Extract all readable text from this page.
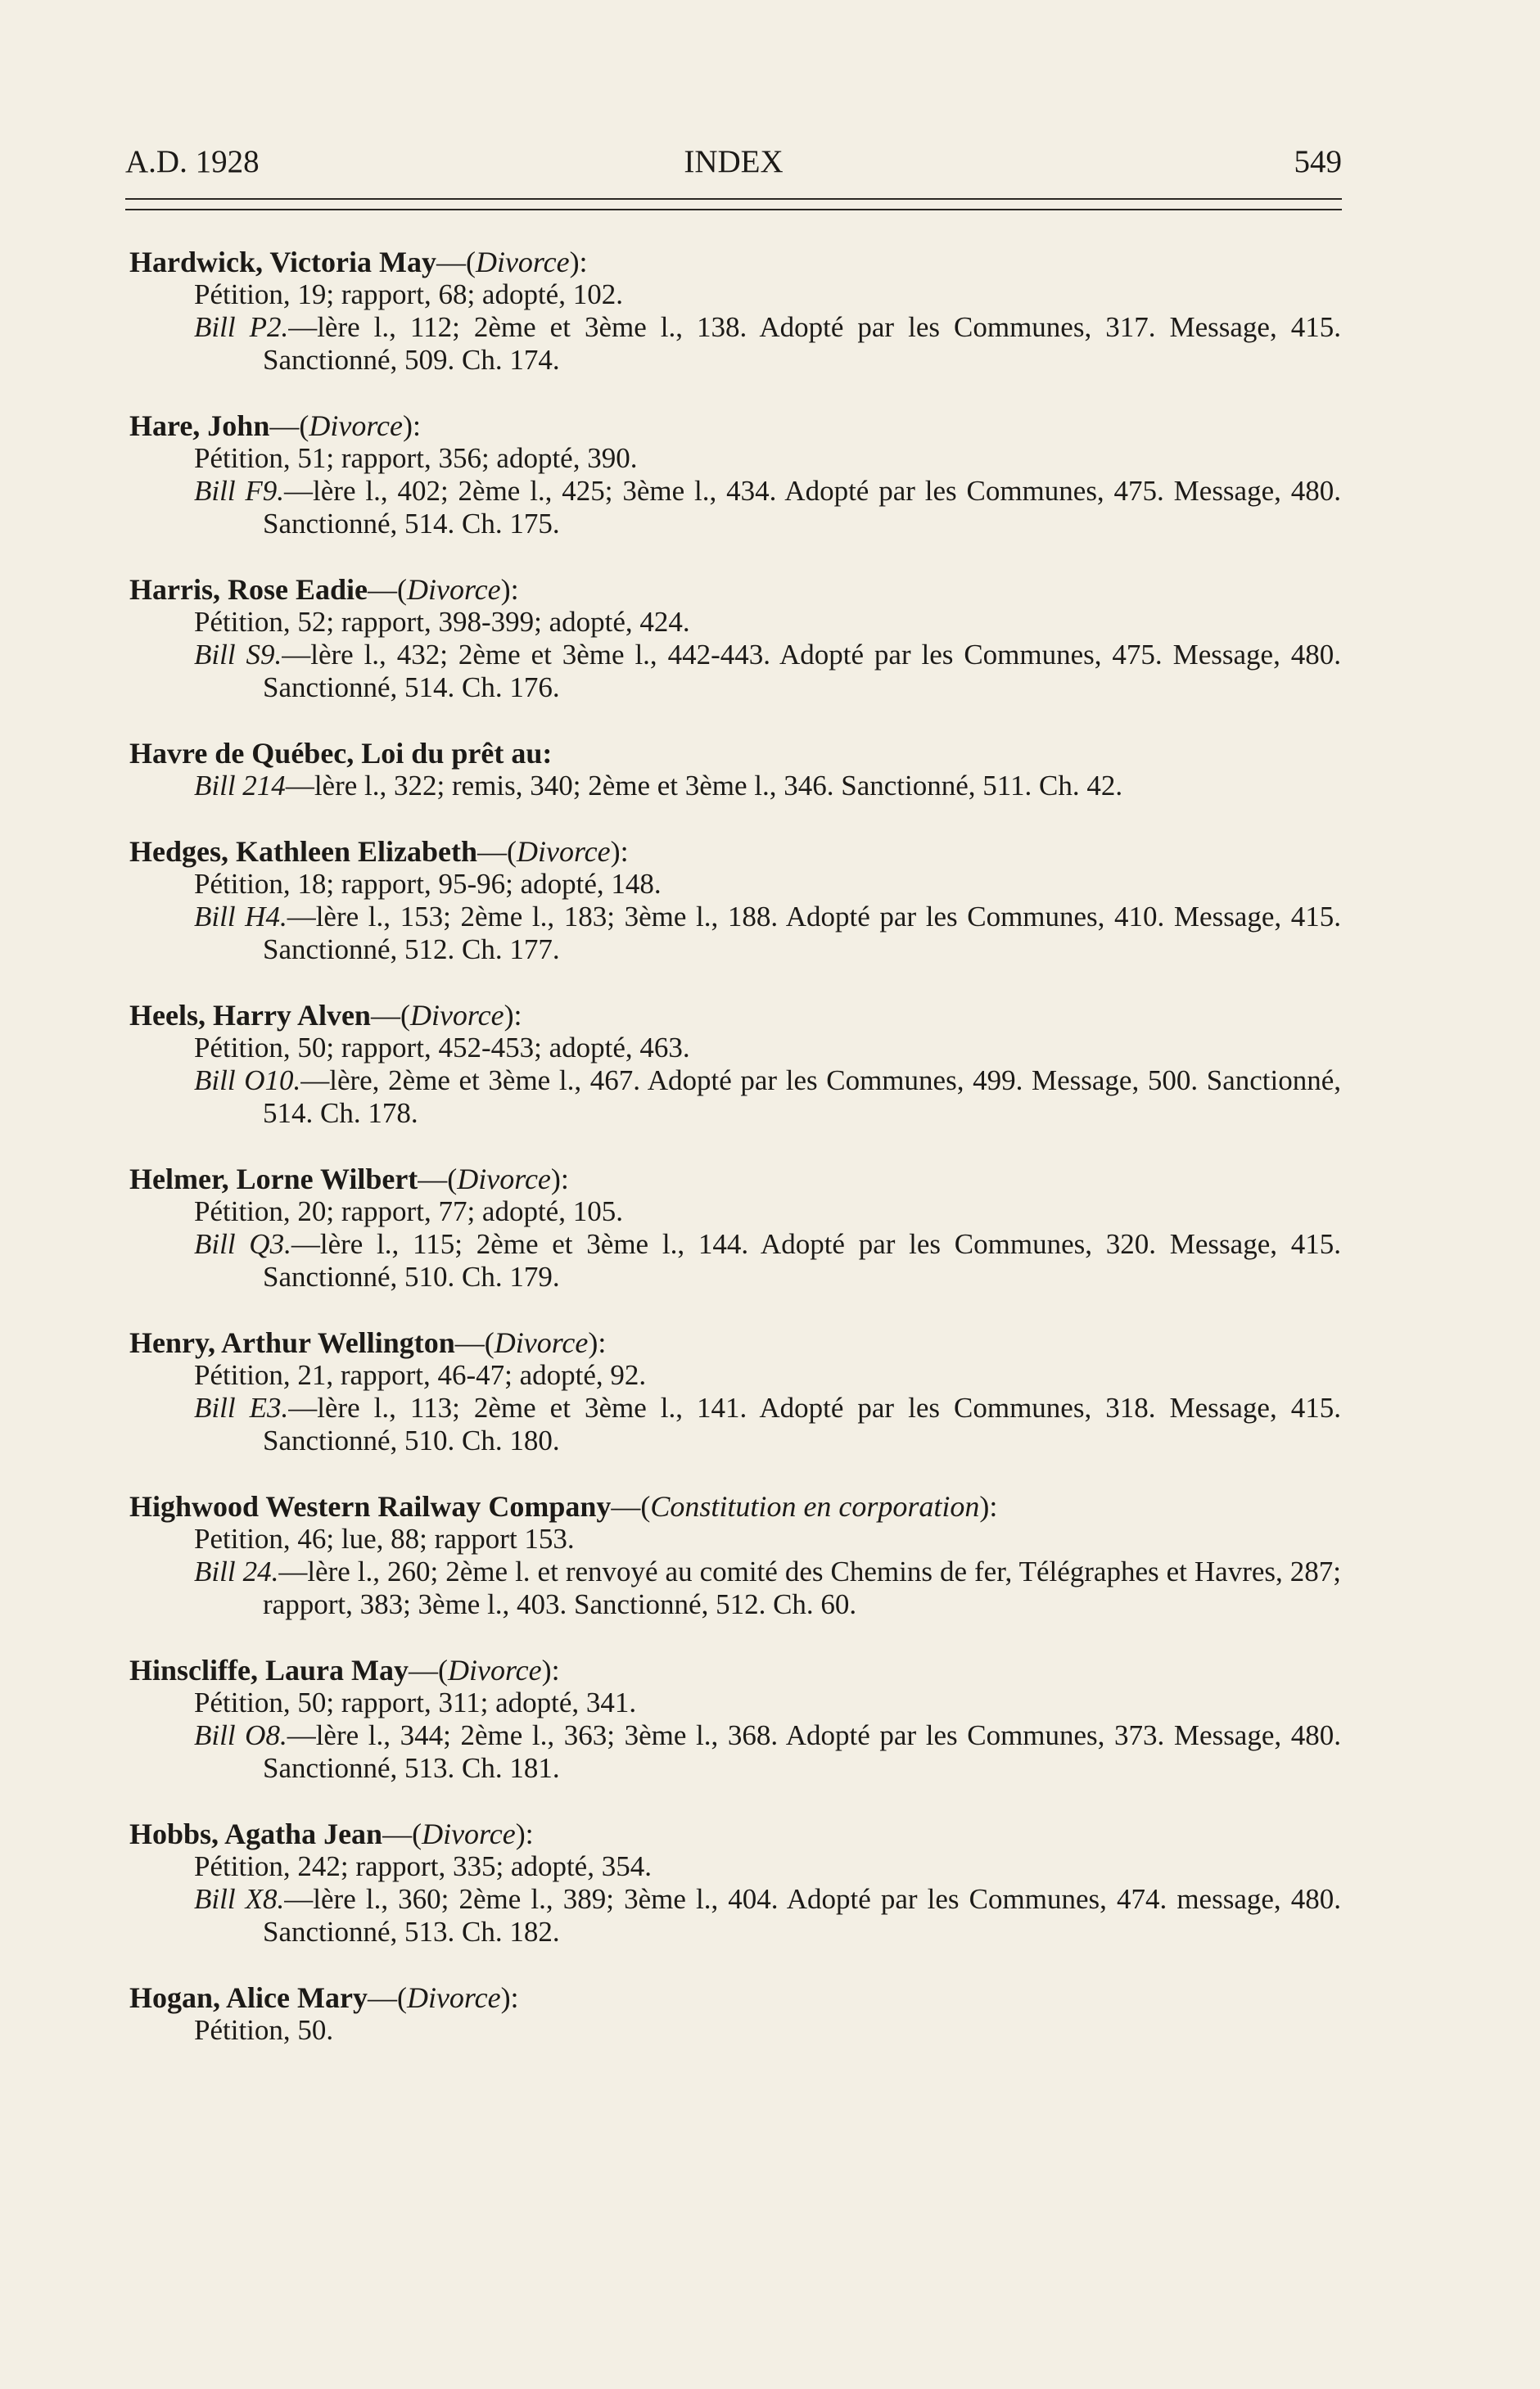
A.D. 1928	INDEX	549

Hardwick, Victoria May—(Divorce):

Pétition, 19; rapport, 68; adopté, 102.

Bill P2.—lère l., 112; 2ème et 3ème l., 138. Adopté par les Communes, 317. Message, 415. Sanctionné, 509. Ch. 174.

Hare, John—(Divorce):

Pétition, 51; rapport, 356; adopté, 390.

Bill F9.—lère l., 402; 2ème l., 425; 3ème l., 434. Adopté par les Communes, 475. Message, 480. Sanctionné, 514. Ch. 175.

Harris, Rose Eadie—(Divorce):

Pétition, 52; rapport, 398-399; adopté, 424.

Bill S9.—lère l., 432; 2ème et 3ème l., 442-443. Adopté par les Communes, 475. Message, 480. Sanctionné, 514. Ch. 176.

Havre de Québec, Loi du prêt au:

Bill 214—lère l., 322; remis, 340; 2ème et 3ème l., 346. Sanctionné, 511. Ch. 42.

Hedges, Kathleen Elizabeth—(Divorce):

Pétition, 18; rapport, 95-96; adopté, 148.

Bill H4.—lère l., 153; 2ème l., 183; 3ème l., 188. Adopté par les Communes, 410. Message, 415. Sanctionné, 512. Ch. 177.

Heels, Harry Alven—(Divorce):

Pétition, 50; rapport, 452-453; adopté, 463.

Bill O10.—lère, 2ème et 3ème l., 467. Adopté par les Communes, 499. Message, 500. Sanctionné, 514. Ch. 178.

Helmer, Lorne Wilbert—(Divorce):

Pétition, 20; rapport, 77; adopté, 105.

Bill Q3.—lère l., 115; 2ème et 3ème l., 144. Adopté par les Communes, 320. Message, 415. Sanctionné, 510. Ch. 179.

Henry, Arthur Wellington—(Divorce):

Pétition, 21, rapport, 46-47; adopté, 92.

Bill E3.—lère l., 113; 2ème et 3ème l., 141. Adopté par les Communes, 318. Message, 415. Sanctionné, 510. Ch. 180.

Highwood Western Railway Company—(Constitution en corporation):

Petition, 46; lue, 88; rapport 153.

Bill 24.—lère l., 260; 2ème l. et renvoyé au comité des Chemins de fer, Télégraphes et Havres, 287; rapport, 383; 3ème l., 403. Sanctionné, 512. Ch. 60.

Hinscliffe, Laura May—(Divorce):

Pétition, 50; rapport, 311; adopté, 341.

Bill O8.—lère l., 344; 2ème l., 363; 3ème l., 368. Adopté par les Communes, 373. Message, 480. Sanctionné, 513. Ch. 181.

Hobbs, Agatha Jean—(Divorce):

Pétition, 242; rapport, 335; adopté, 354.

Bill X8.—lère l., 360; 2ème l., 389; 3ème l., 404. Adopté par les Communes, 474. message, 480. Sanctionné, 513. Ch. 182.

Hogan, Alice Mary—(Divorce):

Pétition, 50.
